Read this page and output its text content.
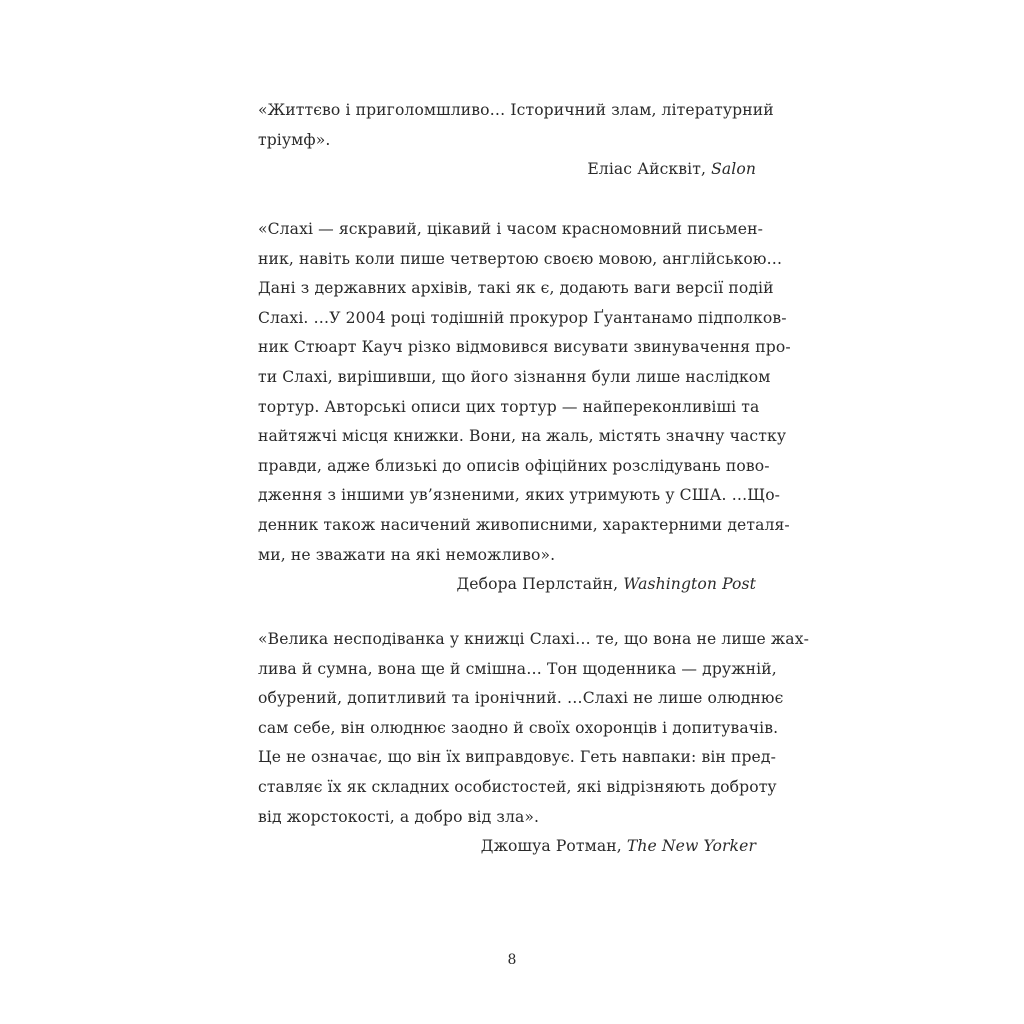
«Життєво і приголомшливо… Історичний злам, літературний
тріумф».
Еліас Айсквіт, Salon
«Слахі — яскравий, цікавий і часом красномовний письмен-
ник, навіть коли пише четвертою своєю мовою, англійською…
Дані з державних архівів, такі як є, додають ваги версії подій
Слахі. …У 2004 році тодішній прокурор Ґуантанамо підполков-
ник Стюарт Кауч різко відмовився висувати звинувачення про-
ти Слахі, вирішивши, що його зізнання були лише наслідком
тортур. Авторські описи цих тортур — найпереконливіші та
найтяжчі місця книжки. Вони, на жаль, містять значну частку
правди, адже близькі до описів офіційних розслідувань пово-
дження з іншими ув’язненими, яких утримують у США. …Що-
денник також насичений живописними, характерними деталя-
ми, не зважати на які неможливо».
Дебора Перлстайн, Washington Post
«Велика несподіванка у книжці Слахі… те, що вона не лише жах-
лива й сумна, вона ще й смішна… Тон щоденника — дружній,
обурений, допитливий та іронічний. …Слахі не лише олюднює
сам себе, він олюднює заодно й своїх охоронців і допитувачів.
Це не означає, що він їх виправдовує. Геть навпаки: він пред-
ставляє їх як складних особистостей, які відрізняють доброту
від жорстокості, а добро від зла».
Джошуа Ротман, The New Yorker
8
